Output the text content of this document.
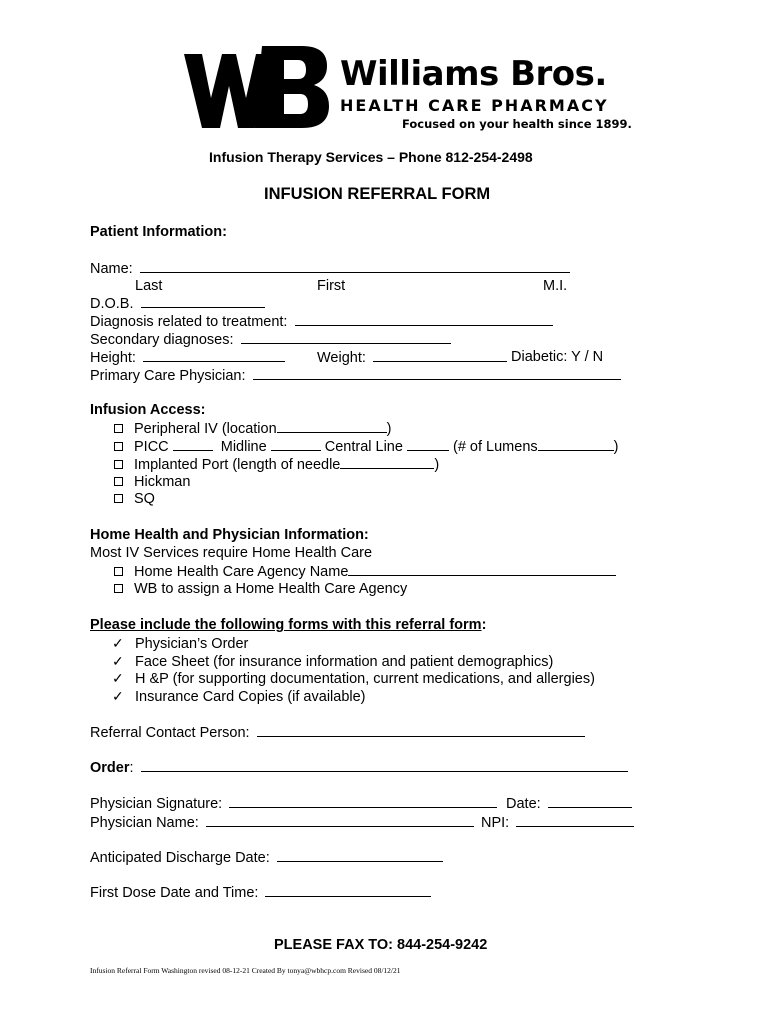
Williams Bros.
HEALTH CARE PHARMACY
Focused on your health since 1899.
Infusion Therapy Services – Phone 812-254-2498
INFUSION REFERRAL FORM
Patient Information:
Name:
Last	First	M.I.
D.O.B.
Diagnosis related to treatment:
Secondary diagnoses:
Height:	Weight:	Diabetic: Y / N
Primary Care Physician:
Infusion Access:
Peripheral IV (location	)
PICC	Midline	Central Line	(# of Lumens	)
Implanted Port (length of needle	)
Hickman
SQ
Home Health and Physician Information:
Most IV Services require Home Health Care
Home Health Care Agency Name
WB to assign a Home Health Care Agency
Please include the following forms with this referral form:
✓ Physician’s Order
✓ Face Sheet (for insurance information and patient demographics)
✓ H &P (for supporting documentation, current medications, and allergies)
✓ Insurance Card Copies (if available)
Referral Contact Person:
Order:
Physician Signature:	Date:
Physician Name:	NPI:
Anticipated Discharge Date:
First Dose Date and Time:
PLEASE FAX TO: 844-254-9242
Infusion Referral Form Washington revised 08-12-21 Created By tonya@wbhcp.com Revised 08/12/21
